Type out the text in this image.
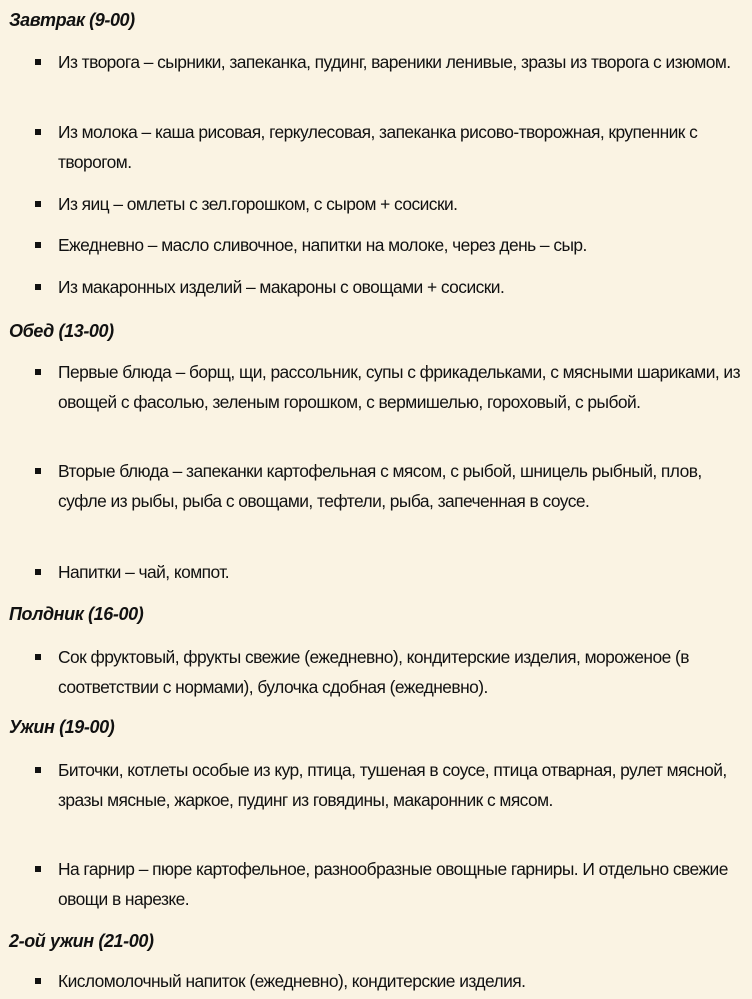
Завтрак (9-00)
Из творога – сырники, запеканка, пудинг, вареники ленивые, зразы из творога с изюмом.
Из молока – каша рисовая, геркулесовая, запеканка рисово-творожная, крупенник с творогом.
Из яиц – омлеты с зел.горошком, с сыром + сосиски.
Ежедневно – масло сливочное, напитки на молоке, через день – сыр.
Из макаронных изделий – макароны с овощами + сосиски.
Обед (13-00)
Первые блюда – борщ, щи, рассольник, супы с фрикадельками, с мясными шариками, из овощей с фасолью, зеленым горошком, с вермишелью, гороховый, с рыбой.
Вторые блюда – запеканки картофельная с мясом, с рыбой, шницель рыбный, плов, суфле из рыбы, рыба с овощами, тефтели, рыба, запеченная в соусе.
Напитки – чай, компот.
Полдник (16-00)
Сок фруктовый, фрукты свежие (ежедневно), кондитерские изделия, мороженое (в соответствии с нормами), булочка сдобная (ежедневно).
Ужин (19-00)
Биточки, котлеты особые из кур, птица, тушеная в соусе, птица отварная, рулет мясной, зразы мясные, жаркое, пудинг из говядины, макаронник с мясом.
На гарнир – пюре картофельное, разнообразные овощные гарниры. И отдельно свежие овощи в нарезке.
2-ой ужин (21-00)
Кисломолочный напиток (ежедневно), кондитерские изделия.
